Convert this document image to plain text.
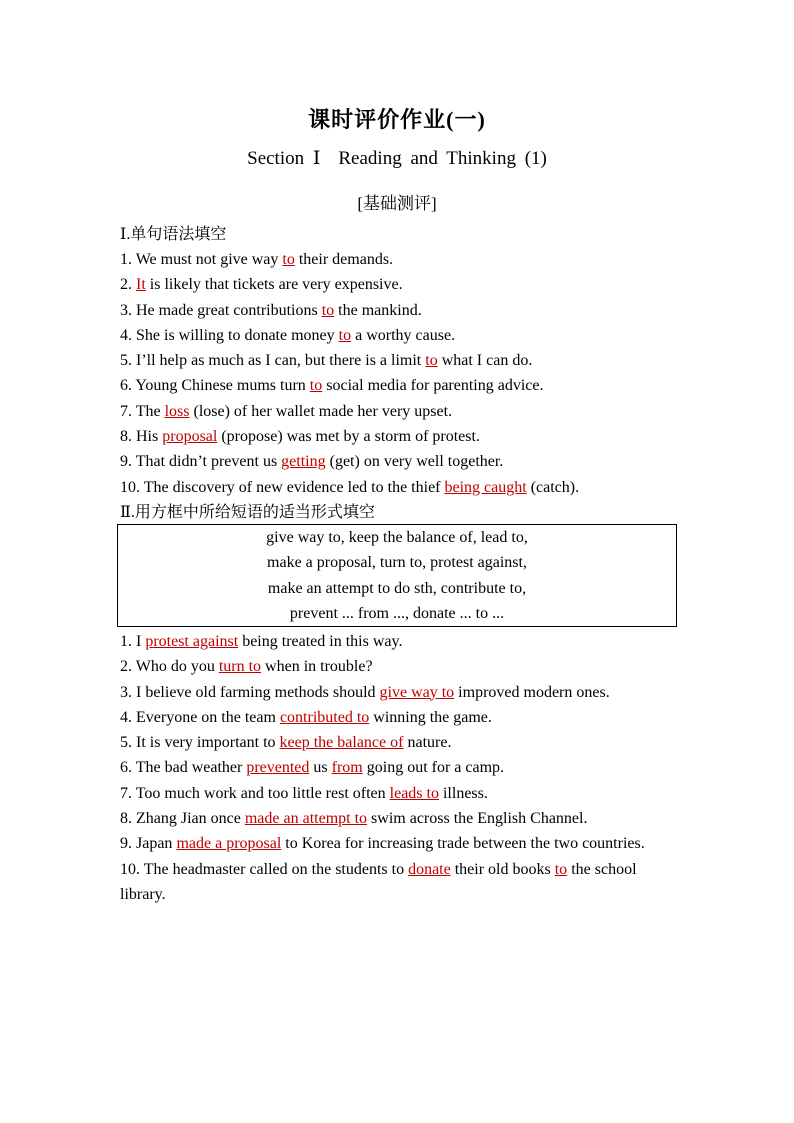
课时评价作业(一)
Section Ⅰ Reading and Thinking (1)
[基础测评]
Ⅰ.单句语法填空
1. We must not give way to their demands.
2. It is likely that tickets are very expensive.
3. He made great contributions to the mankind.
4. She is willing to donate money to a worthy cause.
5. I’ll help as much as I can, but there is a limit to what I can do.
6. Young Chinese mums turn to social media for parenting advice.
7. The loss (lose) of her wallet made her very upset.
8. His proposal (propose) was met by a storm of protest.
9. That didn’t prevent us getting (get) on very well together.
10. The discovery of new evidence led to the thief being caught (catch).
Ⅱ.用方框中所给短语的适当形式填空
give way to, keep the balance of, lead to,
make a proposal, turn to, protest against,
make an attempt to do sth, contribute to,
prevent ... from ..., donate ... to ...
1. I protest against being treated in this way.
2. Who do you turn to when in trouble?
3. I believe old farming methods should give way to improved modern ones.
4. Everyone on the team contributed to winning the game.
5. It is very important to keep the balance of nature.
6. The bad weather prevented us from going out for a camp.
7. Too much work and too little rest often leads to illness.
8. Zhang Jian once made an attempt to swim across the English Channel.
9. Japan made a proposal to Korea for increasing trade between the two countries.
10. The headmaster called on the students to donate their old books to the school library.
